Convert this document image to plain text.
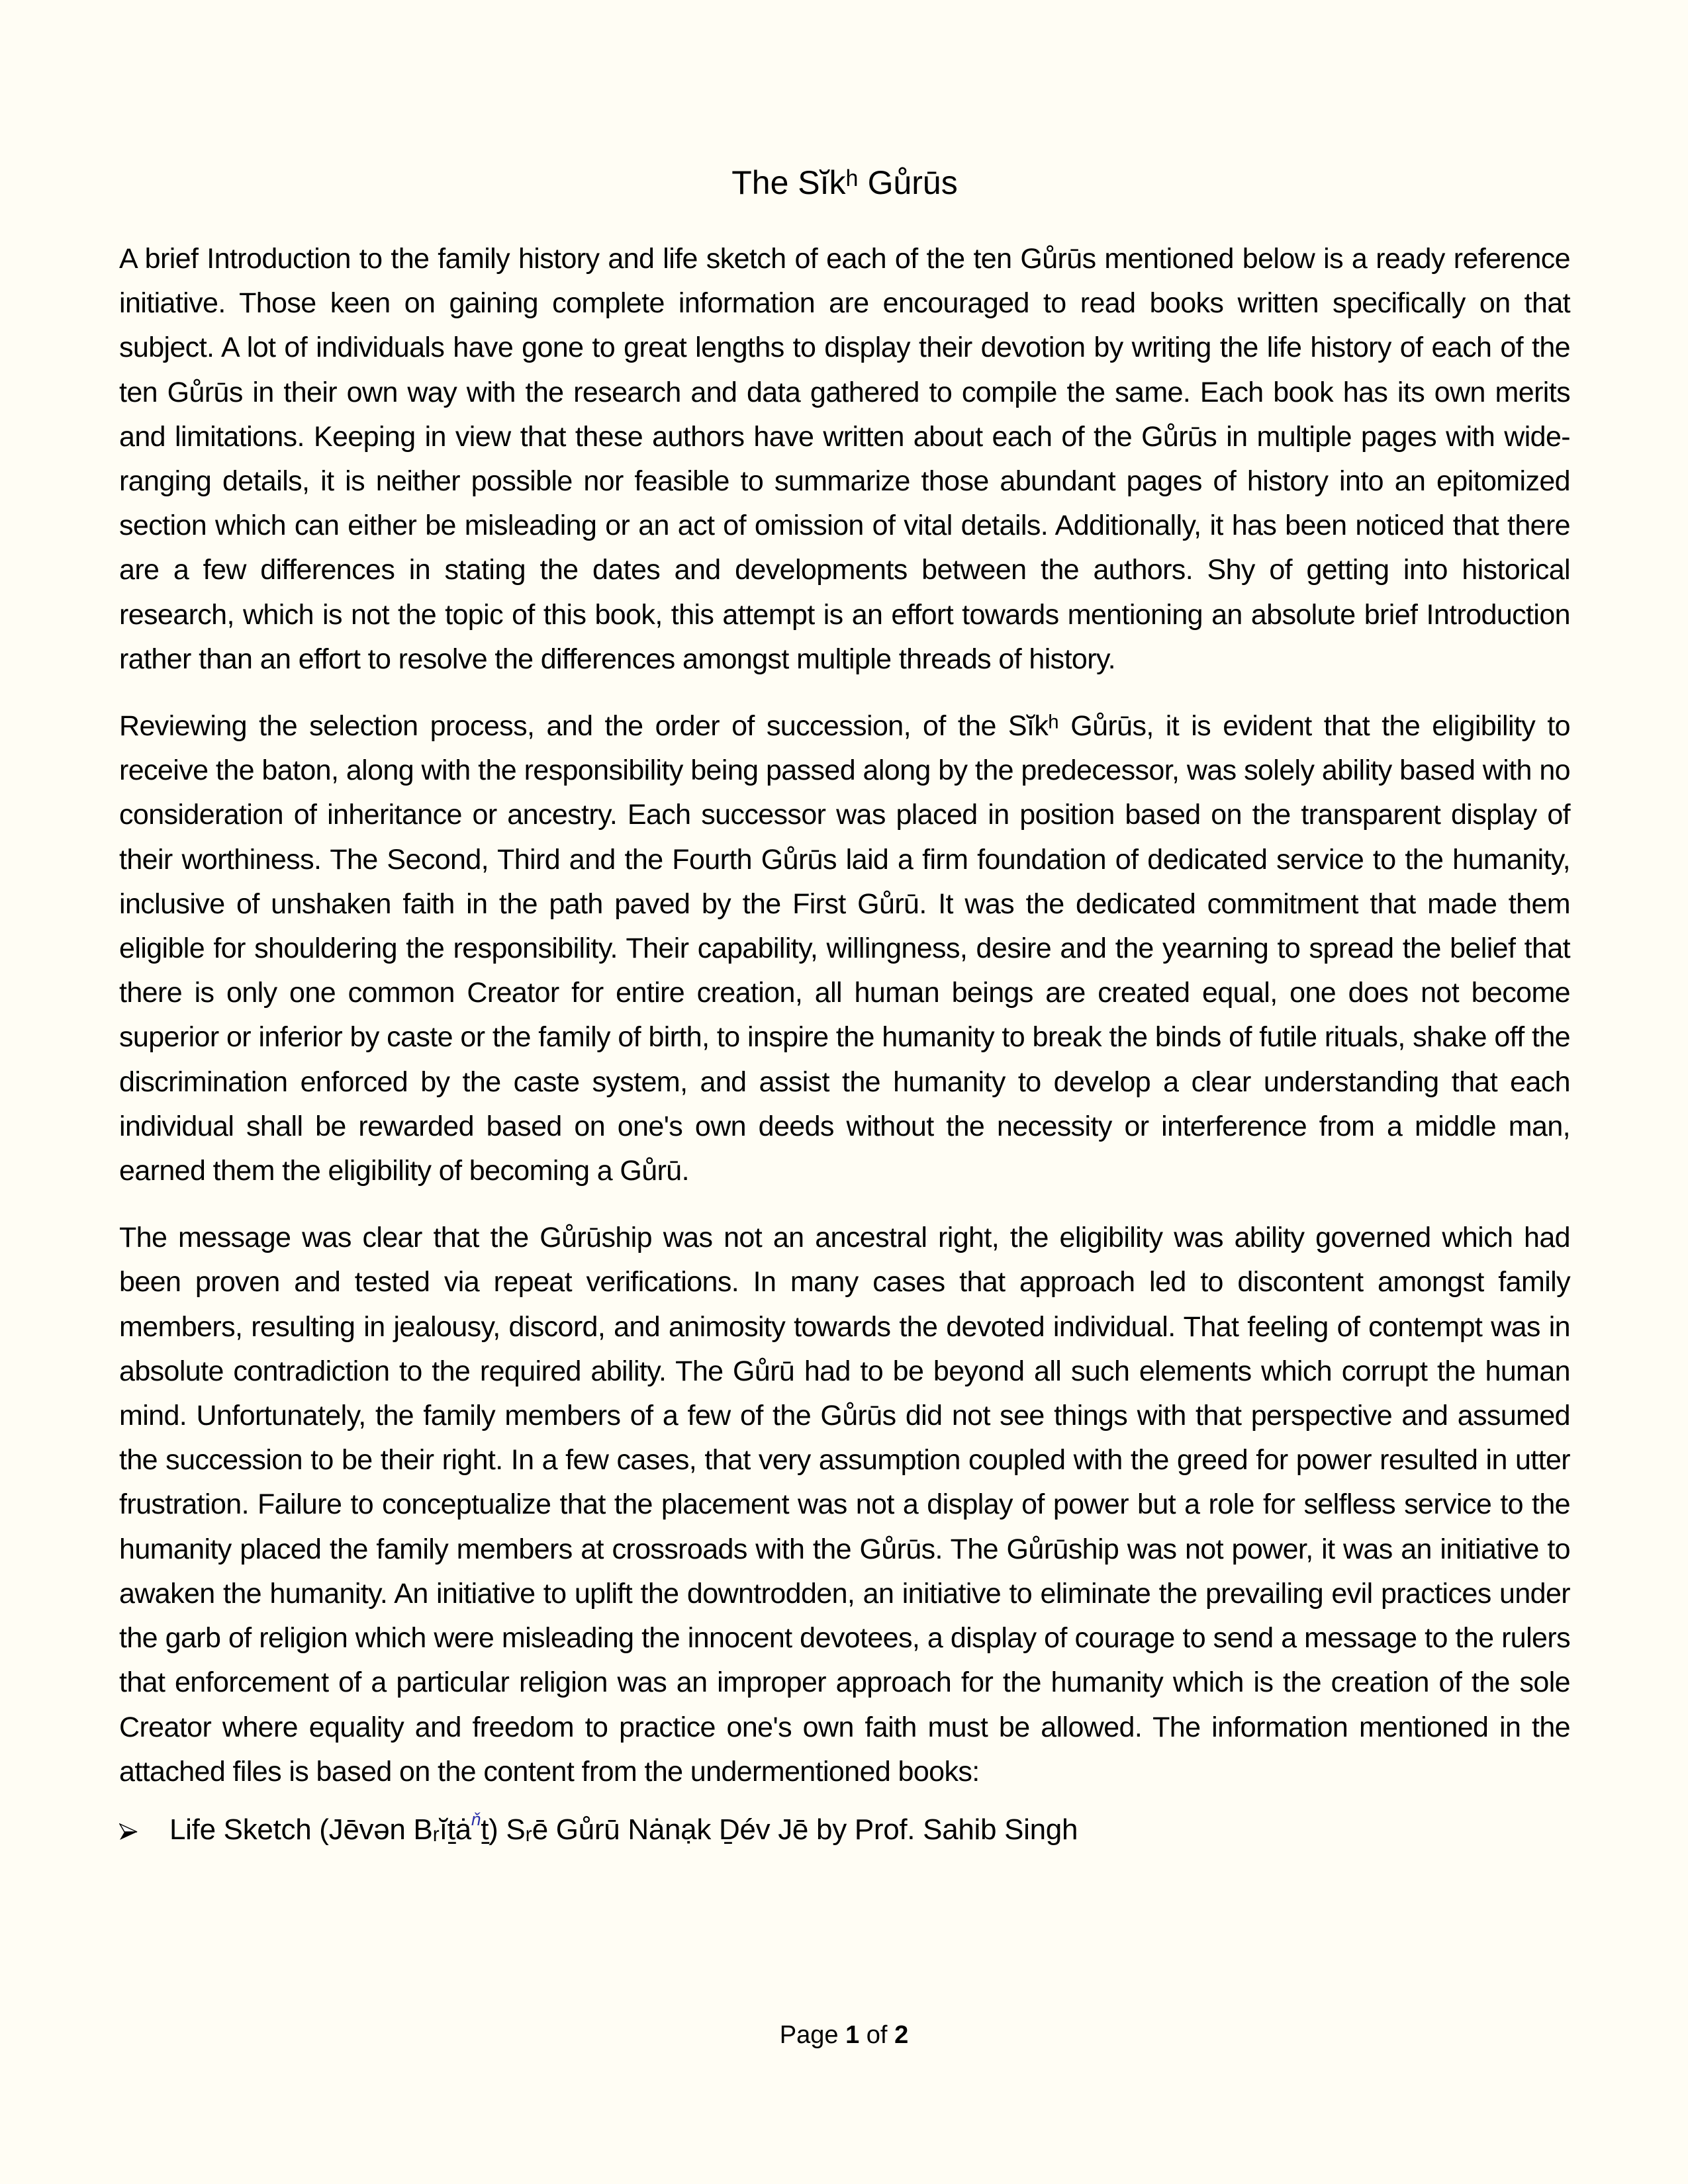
The Sĭkʰ Gůrūs

A brief Introduction to the family history and life sketch of each of the ten Gůrūs mentioned below is a ready reference initiative. Those keen on gaining complete information are encouraged to read books written specifically on that subject. A lot of individuals have gone to great lengths to display their devotion by writing the life history of each of the ten Gůrūs in their own way with the research and data gathered to compile the same. Each book has its own merits and limitations. Keeping in view that these authors have written about each of the Gůrūs in multiple pages with wide-ranging details, it is neither possible nor feasible to summarize those abundant pages of history into an epitomized section which can either be misleading or an act of omission of vital details. Additionally, it has been noticed that there are a few differences in stating the dates and developments between the authors. Shy of getting into historical research, which is not the topic of this book, this attempt is an effort towards mentioning an absolute brief Introduction rather than an effort to resolve the differences amongst multiple threads of history.

Reviewing the selection process, and the order of succession, of the Sĭkʰ Gůrūs, it is evident that the eligibility to receive the baton, along with the responsibility being passed along by the predecessor, was solely ability based with no consideration of inheritance or ancestry. Each successor was placed in position based on the transparent display of their worthiness. The Second, Third and the Fourth Gůrūs laid a firm foundation of dedicated service to the humanity, inclusive of unshaken faith in the path paved by the First Gůrū. It was the dedicated commitment that made them eligible for shouldering the responsibility. Their capability, willingness, desire and the yearning to spread the belief that there is only one common Creator for entire creation, all human beings are created equal, one does not become superior or inferior by caste or the family of birth, to inspire the humanity to break the binds of futile rituals, shake off the discrimination enforced by the caste system, and assist the humanity to develop a clear understanding that each individual shall be rewarded based on one's own deeds without the necessity or interference from a middle man, earned them the eligibility of becoming a Gůrū.

The message was clear that the Gůrūship was not an ancestral right, the eligibility was ability governed which had been proven and tested via repeat verifications. In many cases that approach led to discontent amongst family members, resulting in jealousy, discord, and animosity towards the devoted individual. That feeling of contempt was in absolute contradiction to the required ability. The Gůrū had to be beyond all such elements which corrupt the human mind. Unfortunately, the family members of a few of the Gůrūs did not see things with that perspective and assumed the succession to be their right. In a few cases, that very assumption coupled with the greed for power resulted in utter frustration. Failure to conceptualize that the placement was not a display of power but a role for selfless service to the humanity placed the family members at crossroads with the Gůrūs. The Gůrūship was not power, it was an initiative to awaken the humanity. An initiative to uplift the downtrodden, an initiative to eliminate the prevailing evil practices under the garb of religion which were misleading the innocent devotees, a display of courage to send a message to the rulers that enforcement of a particular religion was an improper approach for the humanity which is the creation of the sole Creator where equality and freedom to practice one's own faith must be allowed. The information mentioned in the attached files is based on the content from the undermentioned books:

Life Sketch (Jēvən Bᵣĭṯȧ$^ň$ṯ) Sᵣē Gůrū Nȧnạk Ḏév Jē by Prof. Sahib Singh
Page 1 of 2
